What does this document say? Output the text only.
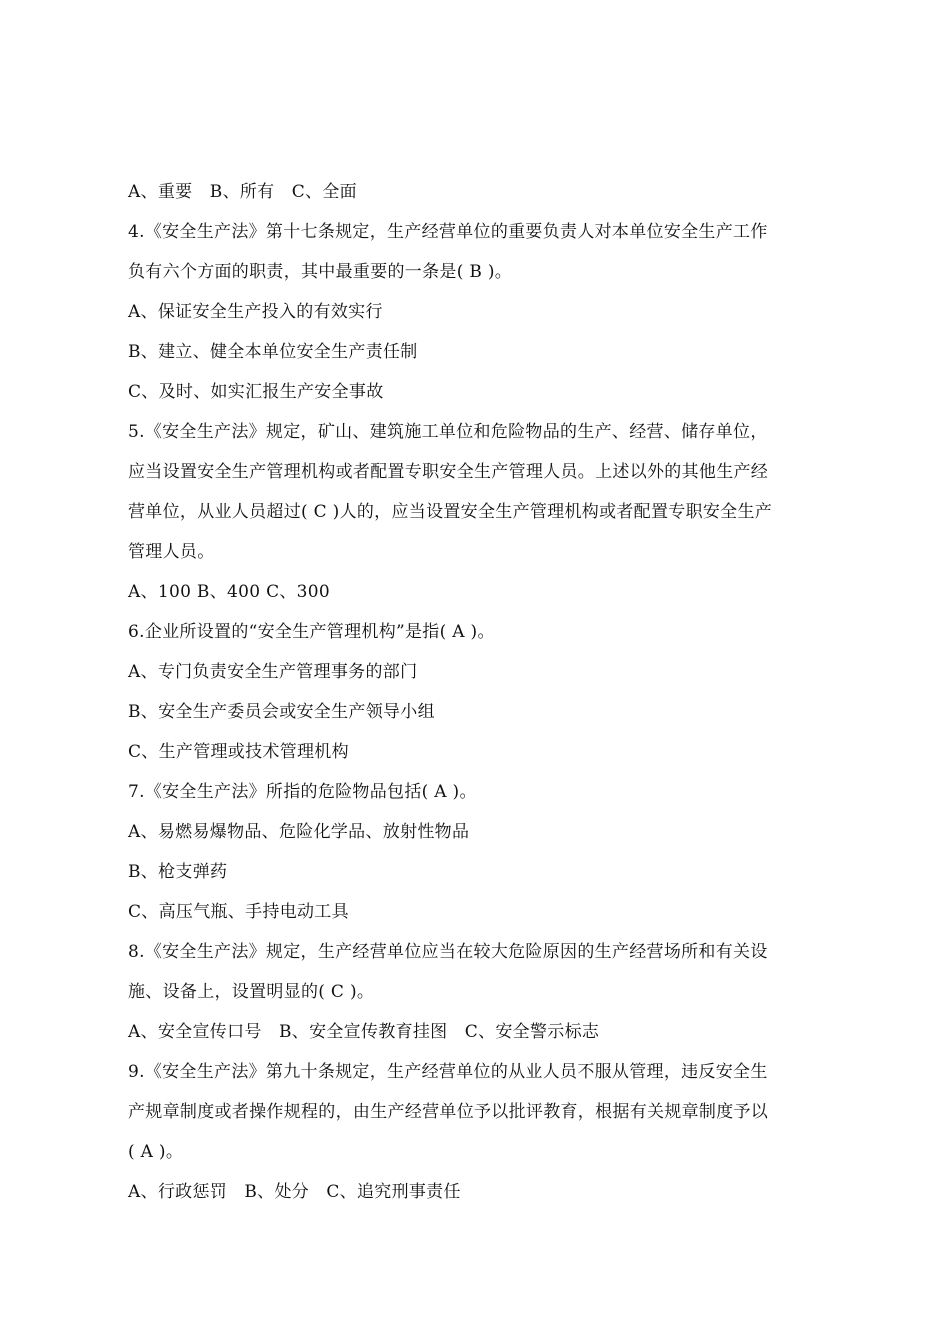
A、重要　B、所有　C、全面
4.《安全生产法》第十七条规定，生产经营单位的重要负责人对本单位安全生产工作
负有六个方面的职责，其中最重要的一条是( B )。
A、保证安全生产投入的有效实行
B、建立、健全本单位安全生产责任制
C、及时、如实汇报生产安全事故
5.《安全生产法》规定，矿山、建筑施工单位和危险物品的生产、经营、储存单位，
应当设置安全生产管理机构或者配置专职安全生产管理人员。上述以外的其他生产经
营单位，从业人员超过( C )人的，应当设置安全生产管理机构或者配置专职安全生产
管理人员。
A、100 B、400 C、300
6.企业所设置的“安全生产管理机构”是指( A )。
A、专门负责安全生产管理事务的部门
B、安全生产委员会或安全生产领导小组
C、生产管理或技术管理机构
7.《安全生产法》所指的危险物品包括( A )。
A、易燃易爆物品、危险化学品、放射性物品
B、枪支弹药
C、高压气瓶、手持电动工具
8.《安全生产法》规定，生产经营单位应当在较大危险原因的生产经营场所和有关设
施、设备上，设置明显的( C )。
A、安全宣传口号　B、安全宣传教育挂图　C、安全警示标志
9.《安全生产法》第九十条规定，生产经营单位的从业人员不服从管理，违反安全生
产规章制度或者操作规程的，由生产经营单位予以批评教育，根据有关规章制度予以
( A )。
A、行政惩罚　B、处分　C、追究刑事责任
